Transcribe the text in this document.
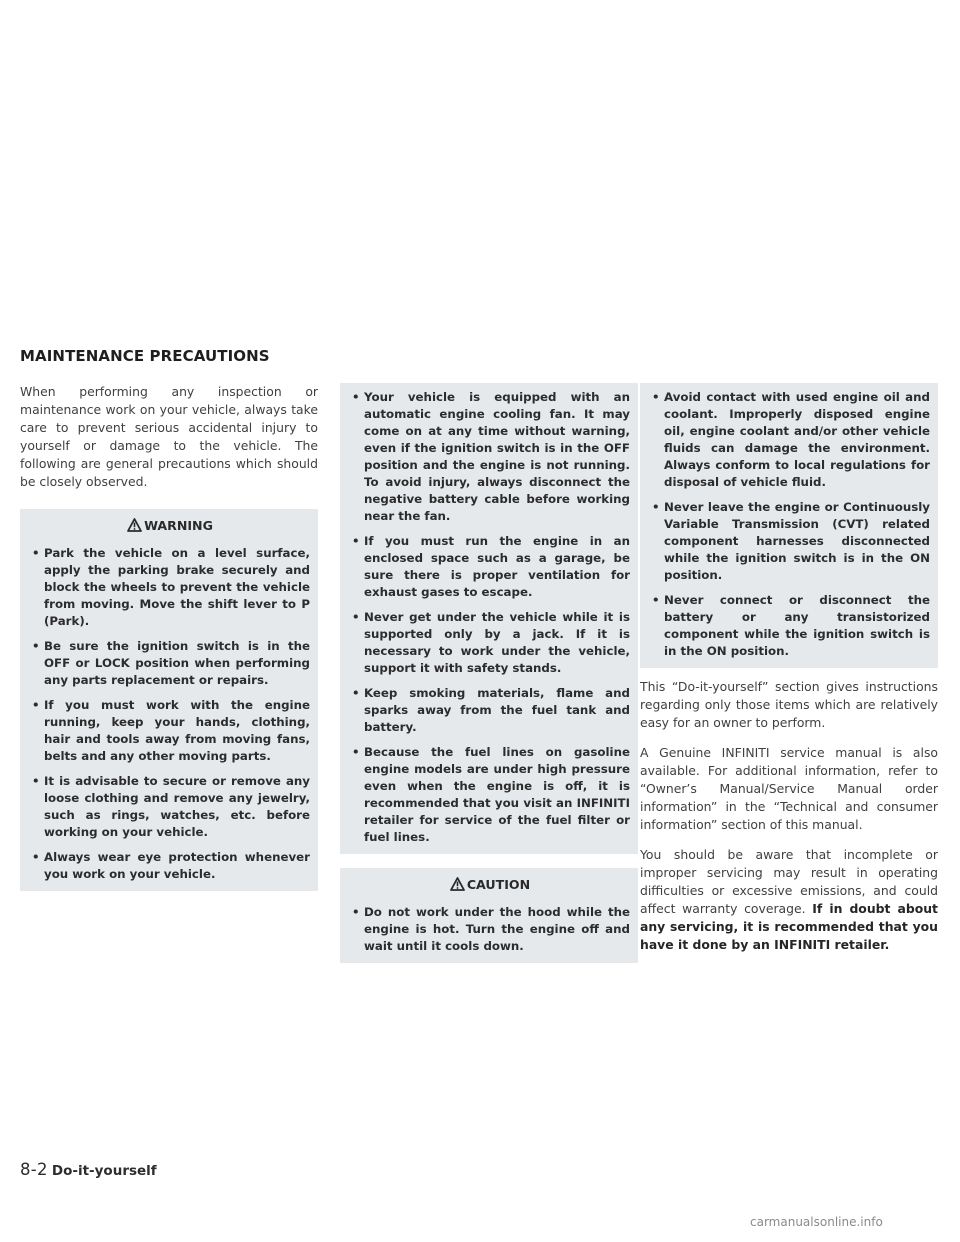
MAINTENANCE PRECAUTIONS

When performing any inspection or maintenance work on your vehicle, always take care to prevent serious accidental injury to yourself or damage to the vehicle. The following are general precautions which should be closely observed.

WARNING
• Park the vehicle on a level surface, apply the parking brake securely and block the wheels to prevent the vehicle from moving. Move the shift lever to P (Park).
• Be sure the ignition switch is in the OFF or LOCK position when performing any parts replacement or repairs.
• If you must work with the engine running, keep your hands, clothing, hair and tools away from moving fans, belts and any other moving parts.
• It is advisable to secure or remove any loose clothing and remove any jewelry, such as rings, watches, etc. before working on your vehicle.
• Always wear eye protection whenever you work on your vehicle.
• Your vehicle is equipped with an automatic engine cooling fan. It may come on at any time without warning, even if the ignition switch is in the OFF position and the engine is not running. To avoid injury, always disconnect the negative battery cable before working near the fan.
• If you must run the engine in an enclosed space such as a garage, be sure there is proper ventilation for exhaust gases to escape.
• Never get under the vehicle while it is supported only by a jack. If it is necessary to work under the vehicle, support it with safety stands.
• Keep smoking materials, flame and sparks away from the fuel tank and battery.
• Because the fuel lines on gasoline engine models are under high pressure even when the engine is off, it is recommended that you visit an INFINITI retailer for service of the fuel filter or fuel lines.
CAUTION
• Do not work under the hood while the engine is hot. Turn the engine off and wait until it cools down.
• Avoid contact with used engine oil and coolant. Improperly disposed engine oil, engine coolant and/or other vehicle fluids can damage the environment. Always conform to local regulations for disposal of vehicle fluid.
• Never leave the engine or Continuously Variable Transmission (CVT) related component harnesses disconnected while the ignition switch is in the ON position.
• Never connect or disconnect the battery or any transistorized component while the ignition switch is in the ON position.

This “Do-it-yourself” section gives instructions regarding only those items which are relatively easy for an owner to perform.

A Genuine INFINITI service manual is also available. For additional information, refer to “Owner’s Manual/Service Manual order information” in the “Technical and consumer information” section of this manual.

You should be aware that incomplete or improper servicing may result in operating difficulties or excessive emissions, and could affect warranty coverage. If in doubt about any servicing, it is recommended that you have it done by an INFINITI retailer.

8-2 Do-it-yourself
carmanualsonline.info
